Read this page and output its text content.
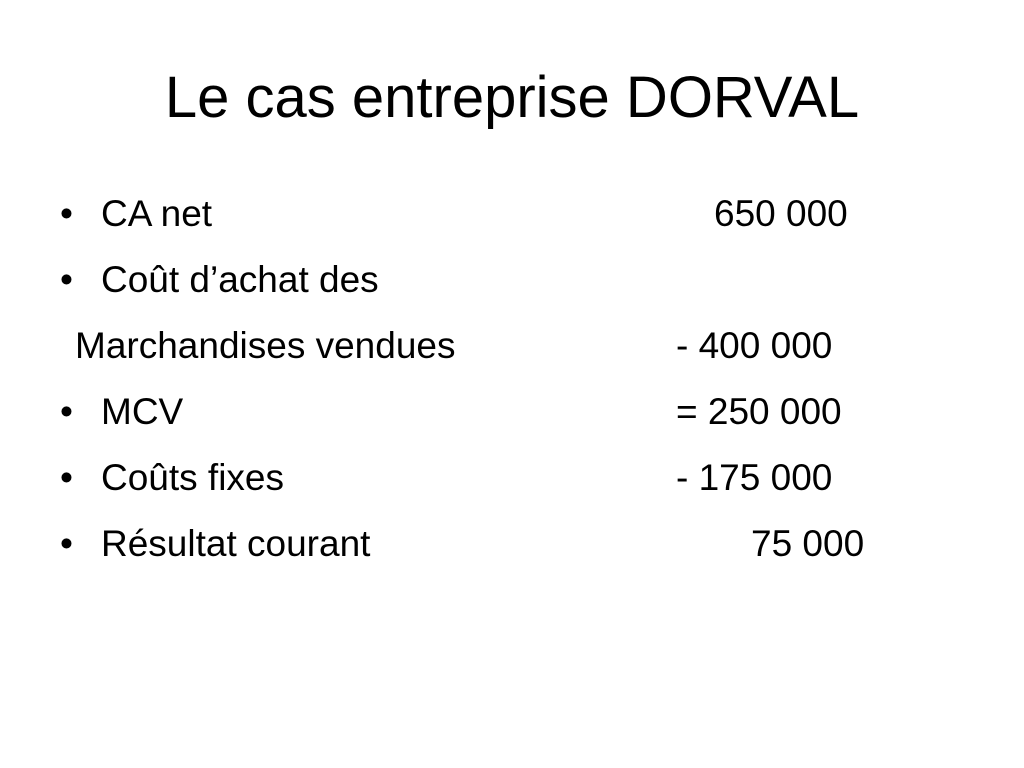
Le cas entreprise DORVAL
• CA net	650 000
• Coût d’achat des
Marchandises vendues	- 400 000
• MCV	= 250 000
• Coûts fixes	- 175 000
• Résultat courant	75 000
